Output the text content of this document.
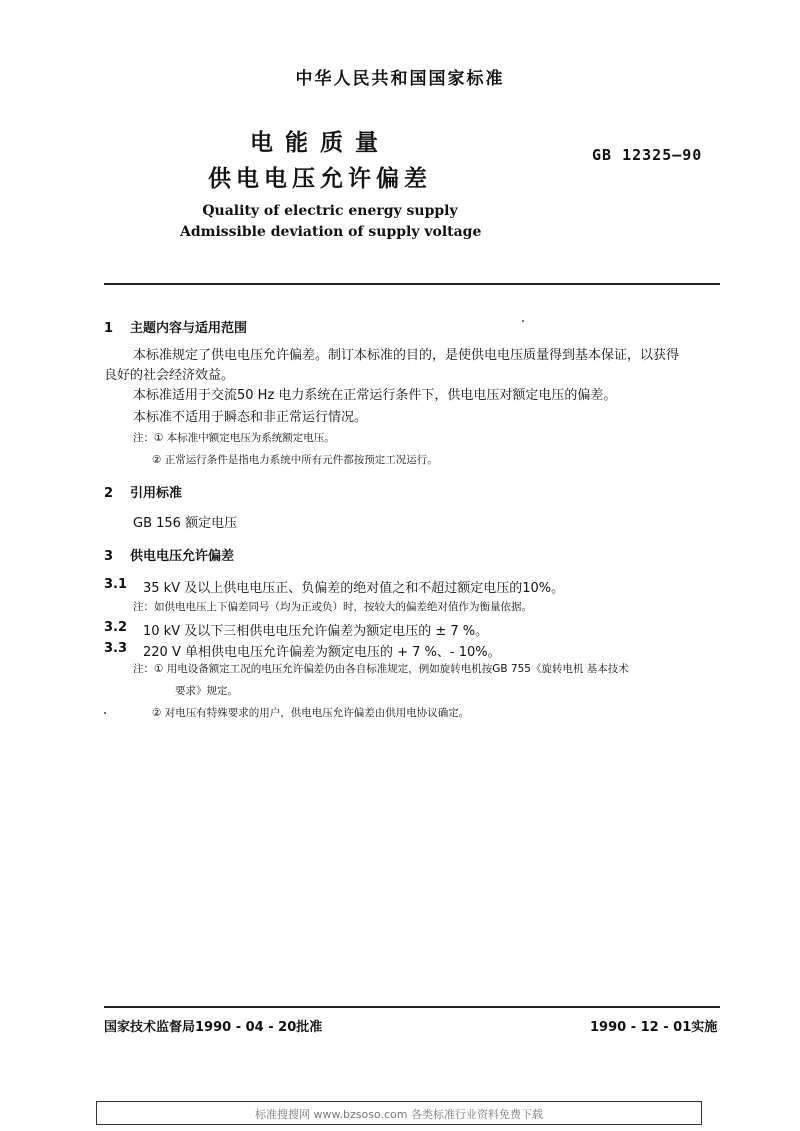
中华人民共和国国家标准
电能质量
供电电压允许偏差
GB 12325—90
Quality of electric energy supply
Admissible deviation of supply voltage
1 主题内容与适用范围
本标准规定了供电电压允许偏差。制订本标准的目的，是使供电电压质量得到基本保证，以获得
良好的社会经济效益。
本标准适用于交流50 Hz 电力系统在正常运行条件下，供电电压对额定电压的偏差。
本标准不适用于瞬态和非正常运行情况。
注：① 本标准中额定电压为系统额定电压。
② 正常运行条件是指电力系统中所有元件都按预定工况运行。
2 引用标准
GB 156 额定电压
3 供电电压允许偏差
3.1 35 kV 及以上供电电压正、负偏差的绝对值之和不超过额定电压的10%。
注：如供电电压上下偏差同号（均为正或负）时，按较大的偏差绝对值作为衡量依据。
3.2 10 kV 及以下三相供电电压允许偏差为额定电压的 ± 7 %。
3.3 220 V 单相供电电压允许偏差为额定电压的 + 7 %、- 10%。
注：① 用电设备额定工况的电压允许偏差仍由各自标准规定，例如旋转电机按GB 755《旋转电机 基本技术
要求》规定。
② 对电压有特殊要求的用户，供电电压允许偏差由供用电协议确定。
国家技术监督局1990 - 04 - 20批准	1990 - 12 - 01实施
标准搜搜网 www.bzsoso.com 各类标准行业资料免费下载
